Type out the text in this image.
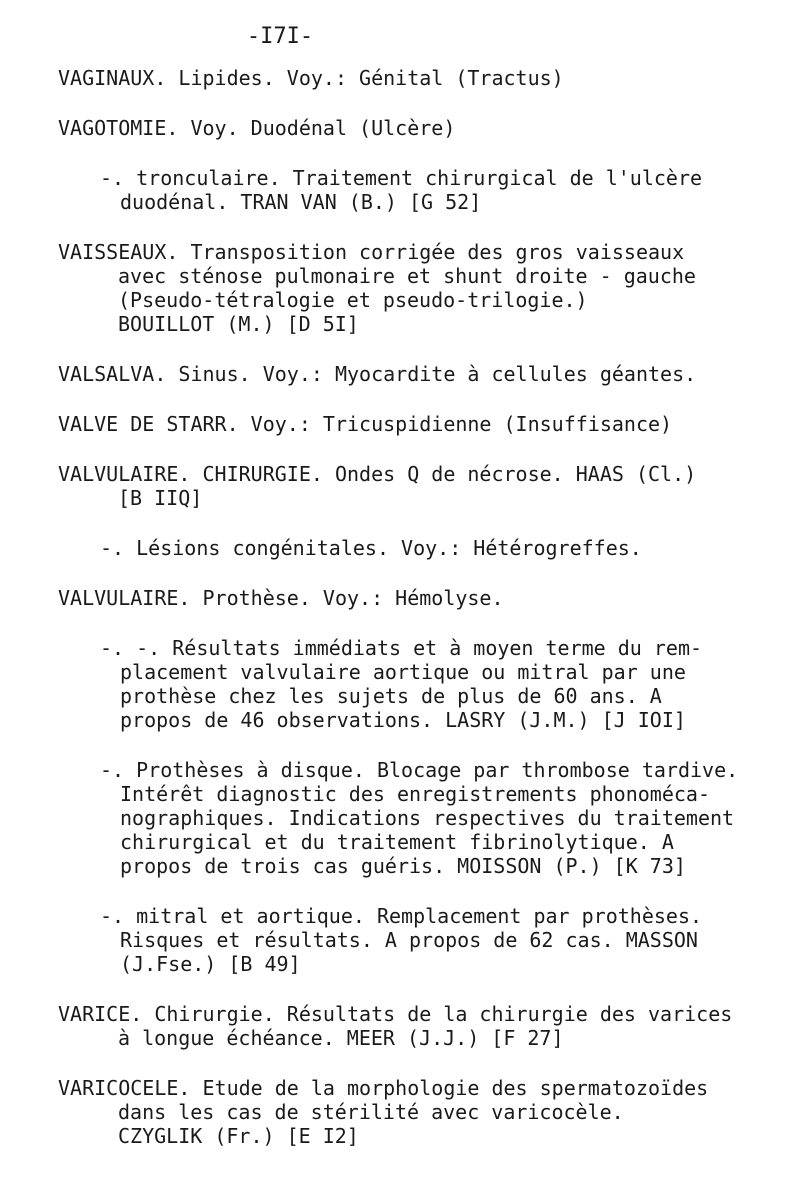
-I7I-
VAGINAUX. Lipides. Voy.: Génital (Tractus)
VAGOTOMIE. Voy. Duodénal (Ulcère)
-. tronculaire. Traitement chirurgical de l'ulcère
duodénal. TRAN VAN (B.) [G 52]
VAISSEAUX. Transposition corrigée des gros vaisseaux
avec sténose pulmonaire et shunt droite - gauche
(Pseudo-tétralogie et pseudo-trilogie.)
BOUILLOT (M.) [D 5I]
VALSALVA. Sinus. Voy.: Myocardite à cellules géantes.
VALVE DE STARR. Voy.: Tricuspidienne (Insuffisance)
VALVULAIRE. CHIRURGIE. Ondes Q de nécrose. HAAS (Cl.)
[B IIQ]
-. Lésions congénitales. Voy.: Hétérogreffes.
VALVULAIRE. Prothèse. Voy.: Hémolyse.
-. -. Résultats immédiats et à moyen terme du rem-
placement valvulaire aortique ou mitral par une
prothèse chez les sujets de plus de 60 ans. A
propos de 46 observations. LASRY (J.M.) [J IOI]
-. Prothèses à disque. Blocage par thrombose tardive.
Intérêt diagnostic des enregistrements phonoméca-
nographiques. Indications respectives du traitement
chirurgical et du traitement fibrinolytique. A
propos de trois cas guéris. MOISSON (P.) [K 73]
-. mitral et aortique. Remplacement par prothèses.
Risques et résultats. A propos de 62 cas. MASSON
(J.Fse.) [B 49]
VARICE. Chirurgie. Résultats de la chirurgie des varices
à longue échéance. MEER (J.J.) [F 27]
VARICOCELE. Etude de la morphologie des spermatozoïdes
dans les cas de stérilité avec varicocèle.
CZYGLIK (Fr.) [E I2]
